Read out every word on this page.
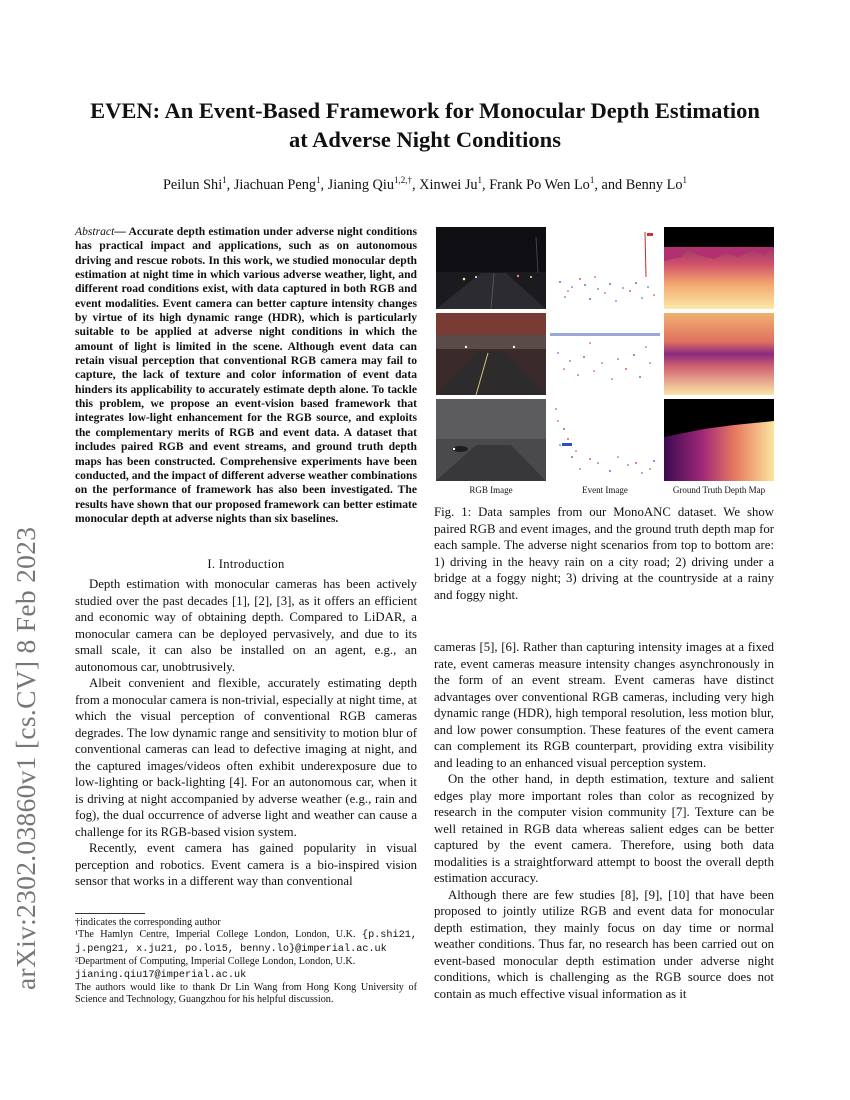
arXiv:2302.03860v1 [cs.CV] 8 Feb 2023
EVEN: An Event-Based Framework for Monocular Depth Estimation
at Adverse Night Conditions
Peilun Shi$^1$, Jiachuan Peng$^1$, Jianing Qiu$^{1,2,\dagger}$, Xinwei Ju$^1$, Frank Po Wen Lo$^1$, and Benny Lo$^1$
Abstract— Accurate depth estimation under adverse night conditions has practical impact and applications, such as on autonomous driving and rescue robots. In this work, we studied monocular depth estimation at night time in which various adverse weather, light, and different road conditions exist, with data captured in both RGB and event modalities. Event camera can better capture intensity changes by virtue of its high dynamic range (HDR), which is particularly suitable to be applied at adverse night conditions in which the amount of light is limited in the scene. Although event data can retain visual perception that conventional RGB camera may fail to capture, the lack of texture and color information of event data hinders its applicability to accurately estimate depth alone. To tackle this problem, we propose an event-vision based framework that integrates low-light enhancement for the RGB source, and exploits the complementary merits of RGB and event data. A dataset that includes paired RGB and event streams, and ground truth depth maps has been constructed. Comprehensive experiments have been conducted, and the impact of different adverse weather combinations on the performance of framework has also been investigated. The results have shown that our proposed framework can better estimate monocular depth at adverse nights than six baselines.
I. Introduction

Depth estimation with monocular cameras has been actively studied over the past decades [1], [2], [3], as it offers an efficient and economic way of obtaining depth. Compared to LiDAR, a monocular camera can be deployed pervasively, and due to its small scale, it can also be installed on an agent, e.g., an autonomous car, unobtrusively.

Albeit convenient and flexible, accurately estimating depth from a monocular camera is non-trivial, especially at night time, at which the visual perception of conventional RGB cameras degrades. The low dynamic range and sensitivity to motion blur of conventional cameras can lead to defective imaging at night, and the captured images/videos often exhibit underexposure due to low-lighting or back-lighting [4]. For an autonomous car, when it is driving at night accompanied by adverse weather (e.g., rain and fog), the dual occurrence of adverse light and weather can cause a challenge for its RGB-based vision system.

Recently, event camera has gained popularity in visual perception and robotics. Event camera is a bio-inspired vision sensor that works in a different way than conventional

†indicates the corresponding author
¹The Hamlyn Centre, Imperial College London, London, U.K. {p.shi21, j.peng21, x.ju21, po.lo15, benny.lo}@imperial.ac.uk
²Department of Computing, Imperial College London, London, U.K.
jianing.qiu17@imperial.ac.uk
The authors would like to thank Dr Lin Wang from Hong Kong University of Science and Technology, Guangzhou for his helpful discussion.
RGB Image	Event Image	Ground Truth Depth Map
Fig. 1: Data samples from our MonoANC dataset. We show paired RGB and event images, and the ground truth depth map for each sample. The adverse night scenarios from top to bottom are: 1) driving in the heavy rain on a city road; 2) driving under a bridge at a foggy night; 3) driving at the countryside at a rainy and foggy night.

cameras [5], [6]. Rather than capturing intensity images at a fixed rate, event cameras measure intensity changes asynchronously in the form of an event stream. Event cameras have distinct advantages over conventional RGB cameras, including very high dynamic range (HDR), high temporal resolution, less motion blur, and low power consumption. These features of the event camera can complement its RGB counterpart, providing extra visibility and leading to an enhanced visual perception system.

On the other hand, in depth estimation, texture and salient edges play more important roles than color as recognized by research in the computer vision community [7]. Texture can be well retained in RGB data whereas salient edges can be better captured by the event camera. Therefore, using both data modalities is a straightforward attempt to boost the overall depth estimation accuracy.

Although there are few studies [8], [9], [10] that have been proposed to jointly utilize RGB and event data for monocular depth estimation, they mainly focus on day time or normal weather conditions. Thus far, no research has been carried out on event-based monocular depth estimation under adverse night conditions, which is challenging as the RGB source does not contain as much effective visual information as it
